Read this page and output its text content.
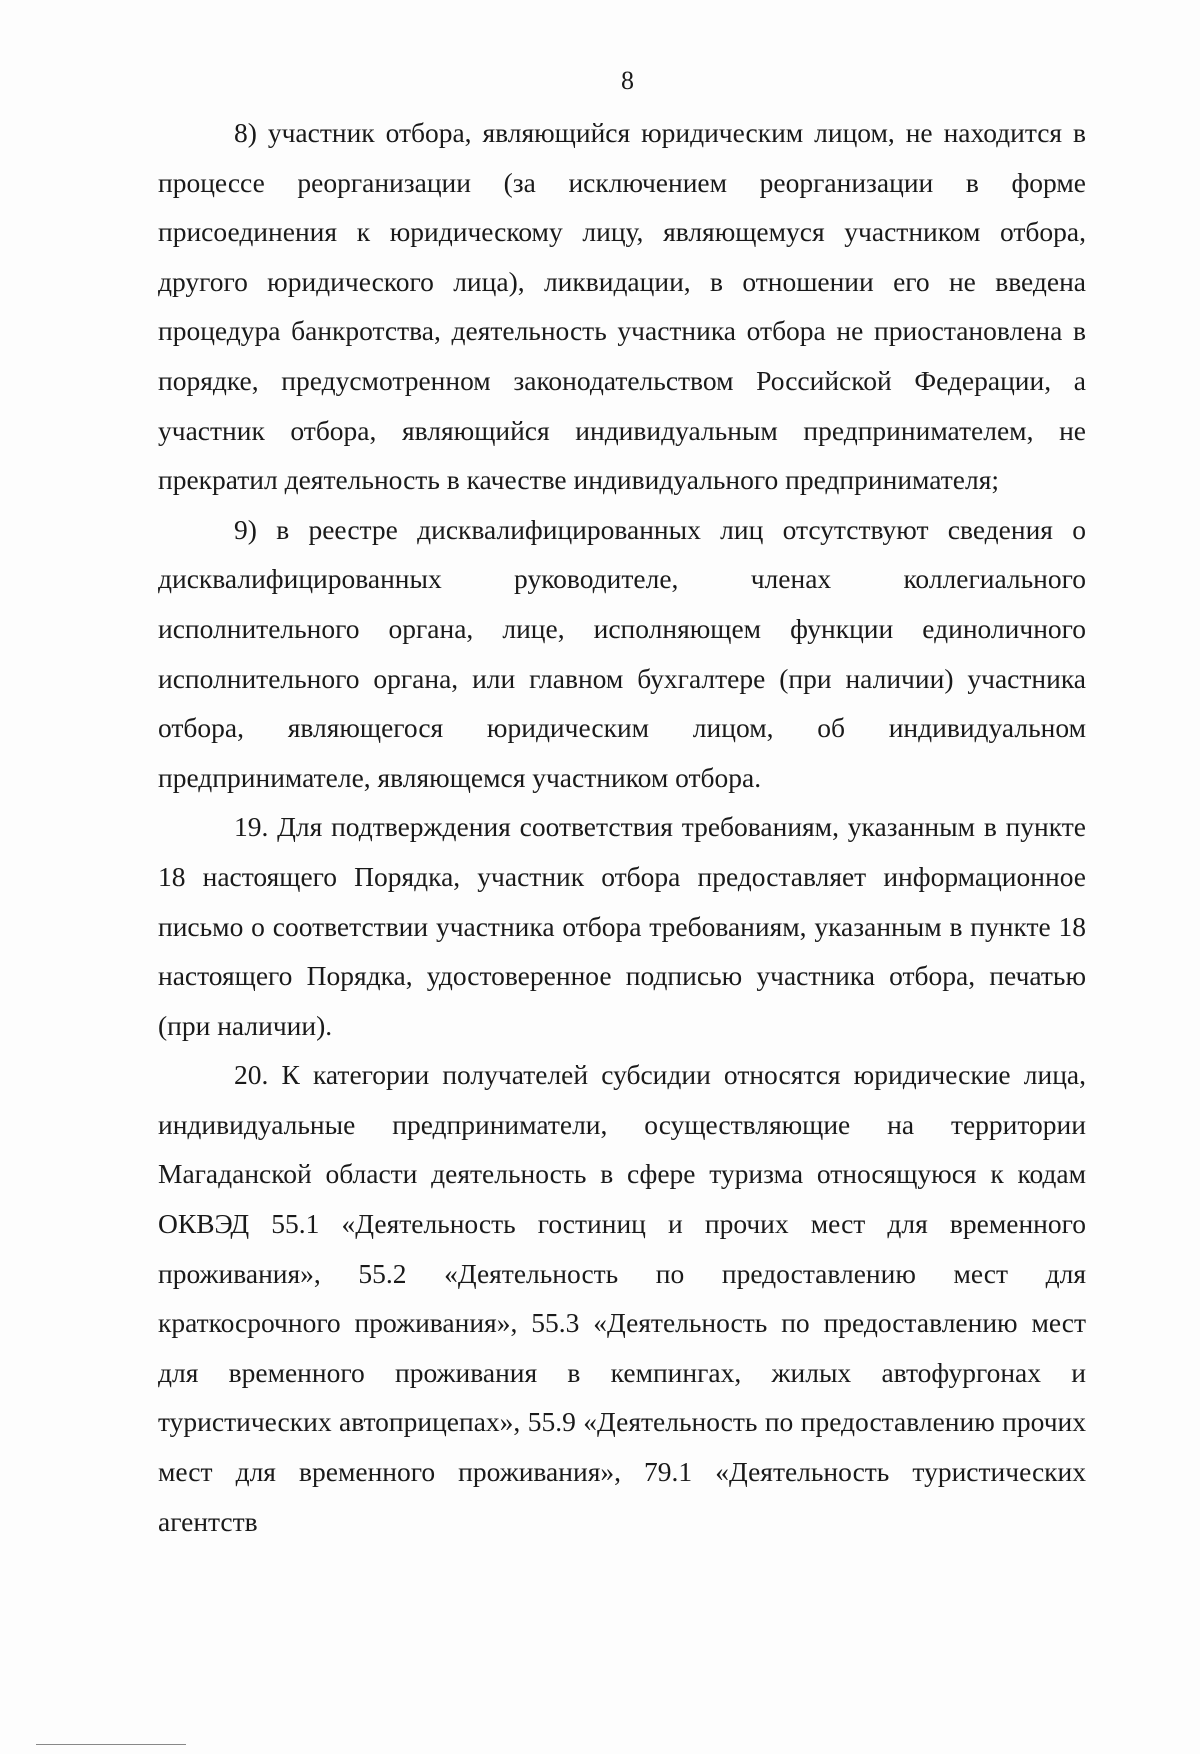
8

8) участник отбора, являющийся юридическим лицом, не находится в процессе реорганизации (за исключением реорганизации в форме присоединения к юридическому лицу, являющемуся участником отбора, другого юридического лица), ликвидации, в отношении его не введена процедура банкротства, деятельность участника отбора не приостановлена в порядке, предусмотренном законодательством Российской Федерации, а участник отбора, являющийся индивидуальным предпринимателем, не прекратил деятельность в качестве индивидуального предпринимателя;

9) в реестре дисквалифицированных лиц отсутствуют сведения о дисквалифицированных руководителе, членах коллегиального исполнительного органа, лице, исполняющем функции единоличного исполнительного органа, или главном бухгалтере (при наличии) участника отбора, являющегося юридическим лицом, об индивидуальном предпринимателе, являющемся участником отбора.

19. Для подтверждения соответствия требованиям, указанным в пункте 18 настоящего Порядка, участник отбора предоставляет информационное письмо о соответствии участника отбора требованиям, указанным в пункте 18 настоящего Порядка, удостоверенное подписью участника отбора, печатью (при наличии).

20. К категории получателей субсидии относятся юридические лица, индивидуальные предприниматели, осуществляющие на территории Магаданской области деятельность в сфере туризма относящуюся к кодам ОКВЭД 55.1 «Деятельность гостиниц и прочих мест для временного проживания», 55.2 «Деятельность по предоставлению мест для краткосрочного проживания», 55.3 «Деятельность по предоставлению мест для временного проживания в кемпингах, жилых автофургонах и туристических автоприцепах», 55.9 «Деятельность по предоставлению прочих мест для временного проживания», 79.1 «Деятельность туристических агентств
